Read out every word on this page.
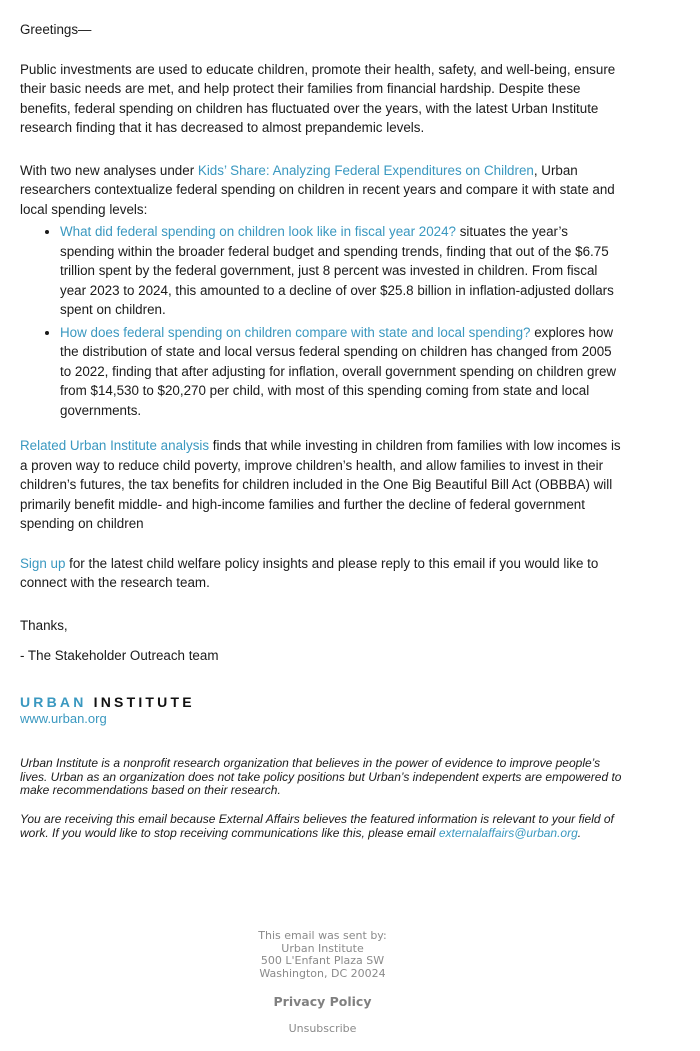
Greetings—

Public investments are used to educate children, promote their health, safety, and well-being, ensure their basic needs are met, and help protect their families from financial hardship. Despite these benefits, federal spending on children has fluctuated over the years, with the latest Urban Institute research finding that it has decreased to almost prepandemic levels.

With two new analyses under Kids’ Share: Analyzing Federal Expenditures on Children, Urban researchers contextualize federal spending on children in recent years and compare it with state and local spending levels:

• What did federal spending on children look like in fiscal year 2024? situates the year’s spending within the broader federal budget and spending trends, finding that out of the $6.75 trillion spent by the federal government, just 8 percent was invested in children. From fiscal year 2023 to 2024, this amounted to a decline of over $25.8 billion in inflation-adjusted dollars spent on children.
• How does federal spending on children compare with state and local spending? explores how the distribution of state and local versus federal spending on children has changed from 2005 to 2022, finding that after adjusting for inflation, overall government spending on children grew from $14,530 to $20,270 per child, with most of this spending coming from state and local governments.

Related Urban Institute analysis finds that while investing in children from families with low incomes is a proven way to reduce child poverty, improve children’s health, and allow families to invest in their children’s futures, the tax benefits for children included in the One Big Beautiful Bill Act (OBBBA) will primarily benefit middle- and high-income families and further the decline of federal government spending on children

Sign up for the latest child welfare policy insights and please reply to this email if you would like to connect with the research team.

Thanks,

- The Stakeholder Outreach team

URBAN INSTITUTE
www.urban.org

Urban Institute is a nonprofit research organization that believes in the power of evidence to improve people’s lives. Urban as an organization does not take policy positions but Urban’s independent experts are empowered to make recommendations based on their research.

You are receiving this email because External Affairs believes the featured information is relevant to your field of work. If you would like to stop receiving communications like this, please email externalaffairs@urban.org.

This email was sent by:
Urban Institute
500 L'Enfant Plaza SW
Washington, DC 20024
Privacy Policy
Unsubscribe
